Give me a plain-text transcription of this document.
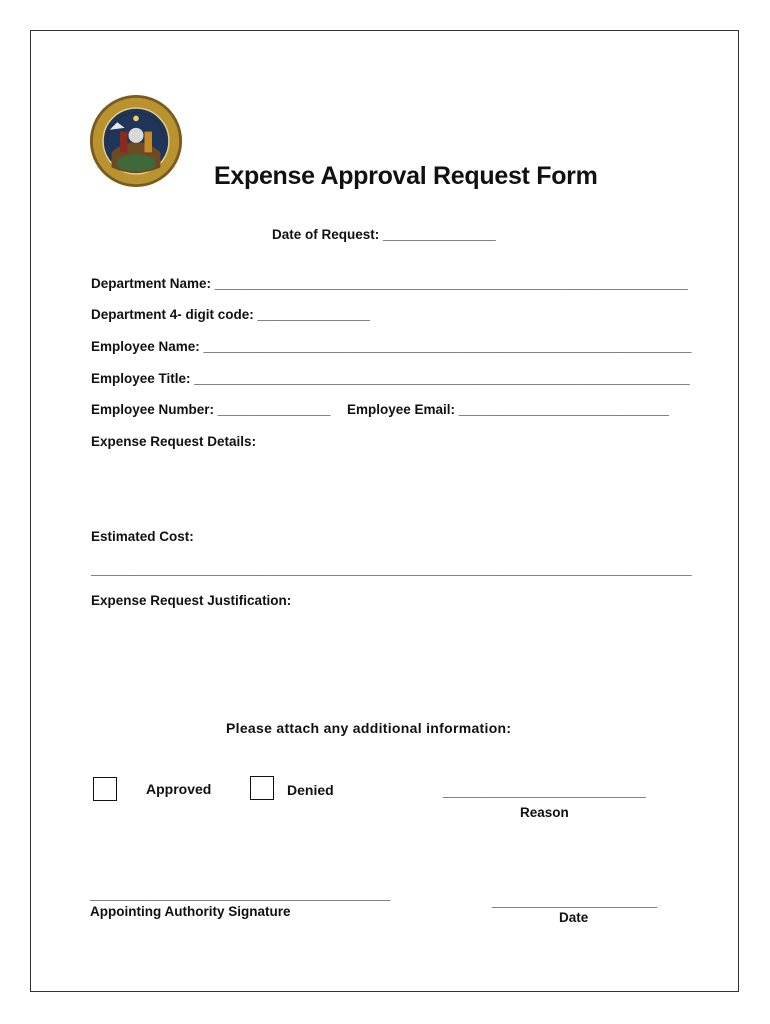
Expense Approval Request Form
Date of Request: _______________
Department Name: _______________________________________________________________
Department 4- digit code: _______________
Employee Name: _________________________________________________________________
Employee Title: __________________________________________________________________
Employee Number: _______________ Employee Email: ____________________________
Expense Request Details:
Estimated Cost:
________________________________________________________________________________
Expense Request Justification:
Please attach any additional information:
Approved	Denied	___________________________
Reason
________________________________________
Appointing Authority Signature
______________________
Date
